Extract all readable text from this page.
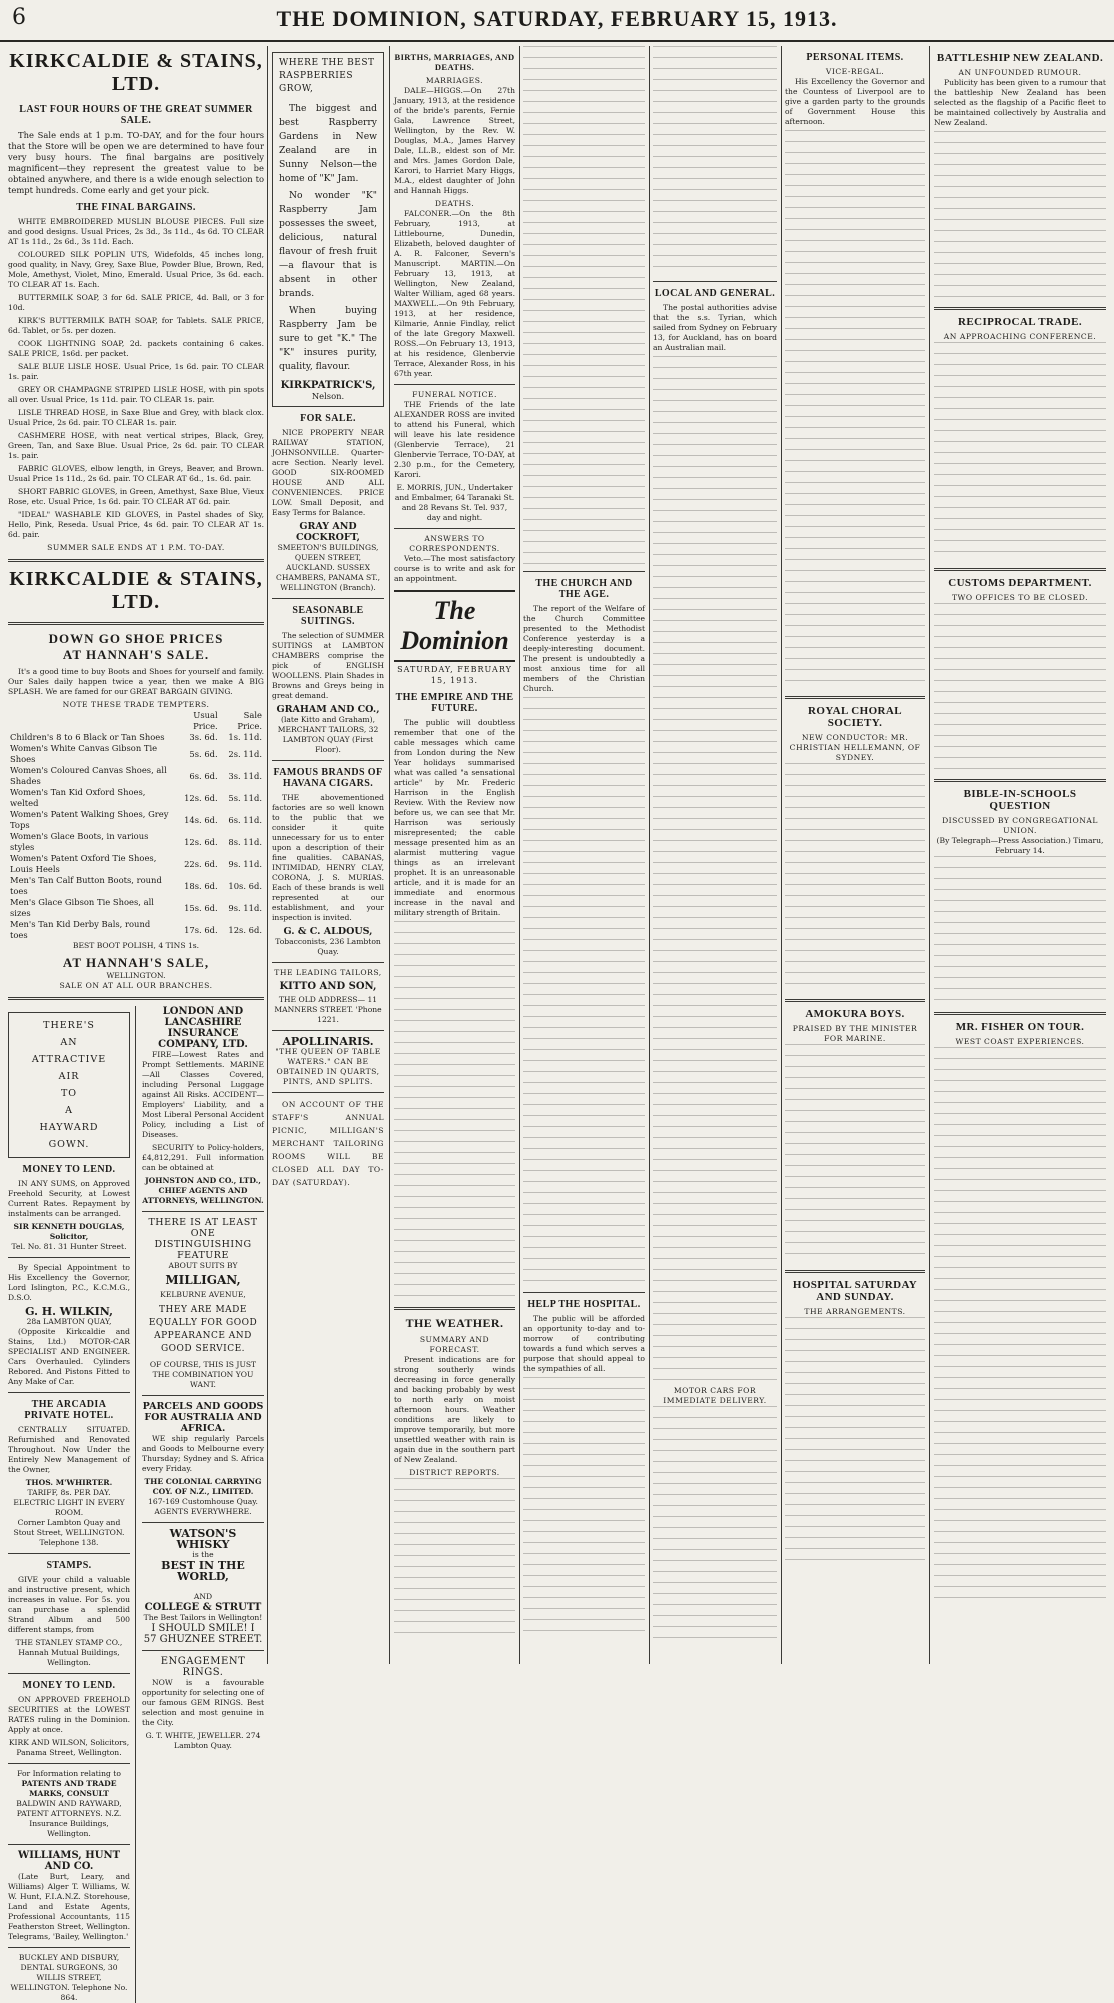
6	THE DOMINION, SATURDAY, FEBRUARY 15, 1913.
KIRKCALDIE & STAINS, LTD.
LAST FOUR HOURS OF THE GREAT SUMMER SALE.

The Sale ends at 1 p.m. TO-DAY, and for the four hours that the Store will be open we are determined to have four very busy hours. The final bargains are positively magnificent—they represent the greatest value to be obtained anywhere, and there is a wide enough selection to tempt hundreds. Come early and get your pick.

THE FINAL BARGAINS.

WHITE EMBROIDERED MUSLIN BLOUSE PIECES. Full size and good designs. Usual Prices, 2s 3d., 3s 11d., 4s 6d. TO CLEAR AT 1s 11d., 2s 6d., 3s 11d. Each.

COLOURED SILK POPLIN UTS, Widefolds, 45 inches long, good quality, in Navy, Grey, Saxe Blue, Powder Blue, Brown, Red, Mole, Amethyst, Violet, Mino, Emerald. Usual Price, 3s 6d. each. TO CLEAR AT 1s. Each.

BUTTERMILK SOAP, 3 for 6d. SALE PRICE, 4d. Ball, or 3 for 10d.

KIRK'S BUTTERMILK BATH SOAP, for Tablets. SALE PRICE, 6d. Tablet, or 5s. per dozen.

COOK LIGHTNING SOAP, 2d. packets containing 6 cakes. SALE PRICE, 1s6d. per packet.

SALE BLUE LISLE HOSE. Usual Price, 1s 6d. pair. TO CLEAR 1s. pair.

GREY OR CHAMPAGNE STRIPED LISLE HOSE, with pin spots all over. Usual Price, 1s 11d. pair. TO CLEAR 1s. pair.

LISLE THREAD HOSE, in Saxe Blue and Grey, with black clox. Usual Price, 2s 6d. pair. TO CLEAR 1s. pair.

CASHMERE HOSE, with neat vertical stripes, Black, Grey, Green, Tan, and Saxe Blue. Usual Price, 2s 6d. pair. TO CLEAR 1s. pair.

FABRIC GLOVES, elbow length, in Greys, Beaver, and Brown. Usual Price 1s 11d., 2s 6d. pair. TO CLEAR AT 6d., 1s. 6d. pair.

SHORT FABRIC GLOVES, in Green, Amethyst, Saxe Blue, Vieux Rose, etc. Usual Price, 1s 6d. pair. TO CLEAR AT 6d. pair.

"IDEAL" WASHABLE KID GLOVES, in Pastel shades of Sky, Hello, Pink, Reseda. Usual Price, 4s 6d. pair. TO CLEAR AT 1s. 6d. pair.

SUMMER SALE ENDS AT 1 P.M. TO-DAY.
KIRKCALDIE & STAINS, LTD.
DOWN GO SHOE PRICES
AT HANNAH'S SALE.

It's a good time to buy Boots and Shoes for yourself and family. Our Sales daily happen twice a year, then we make A BIG SPLASH. We are famed for our GREAT BARGAIN GIVING.

NOTE THESE TRADE TEMPTERS.
	Usual Price.	Sale Price.
Children's 8 to 6 Black or Tan Shoes	3s. 6d.	1s. 11d.
Women's White Canvas Gibson Tie Shoes	5s. 6d.	2s. 11d.
Women's Coloured Canvas Shoes, all Shades	6s. 6d.	3s. 11d.
Women's Tan Kid Oxford Shoes, welted	12s. 6d.	5s. 11d.
Women's Patent Walking Shoes, Grey Tops	14s. 6d.	6s. 11d.
Women's Glace Boots, in various styles	12s. 6d.	8s. 11d.
Women's Patent Oxford Tie Shoes, Louis Heels	22s. 6d.	9s. 11d.
Men's Tan Calf Button Boots, round toes	18s. 6d.	10s. 6d.
Men's Glace Gibson Tie Shoes, all sizes	15s. 6d.	9s. 11d.
Men's Tan Kid Derby Bals, round toes	17s. 6d.	12s. 6d.
BEST BOOT POLISH, 4 TINS 1s.
AT HANNAH'S SALE,
WELLINGTON.
SALE ON AT ALL OUR BRANCHES.
THERE'S
AN
ATTRACTIVE
AIR
TO
A
HAYWARD
GOWN.
MONEY TO LEND.

IN ANY SUMS, on Approved Freehold Security, at Lowest Current Rates. Repayment by instalments can be arranged.

SIR KENNETH DOUGLAS, Solicitor,
Tel. No. 81. 31 Hunter Street.

By Special Appointment to His Excellency the Governor, Lord Islington, P.C., K.C.M.G., D.S.O.

G. H. WILKIN,
28a LAMBTON QUAY,

(Opposite Kirkcaldie and Stains, Ltd.) MOTOR-CAR SPECIALIST AND ENGINEER. Cars Overhauled. Cylinders Rebored. And Pistons Fitted to Any Make of Car.

THE ARCADIA PRIVATE HOTEL.

CENTRALLY SITUATED. Refurnished and Renovated Throughout. Now Under the Entirely New Management of the Owner,

THOS. M'WHIRTER.
TARIFF, 8s. PER DAY. ELECTRIC LIGHT IN EVERY ROOM.
Corner Lambton Quay and Stout Street, WELLINGTON. Telephone 138.
STAMPS.

GIVE your child a valuable and instructive present, which increases in value. For 5s. you can purchase a splendid Strand Album and 500 different stamps, from

THE STANLEY STAMP CO., Hannah Mutual Buildings, Wellington.
MONEY TO LEND.

ON APPROVED FREEHOLD SECURITIES at the LOWEST RATES ruling in the Dominion. Apply at once.

KIRK AND WILSON, Solicitors, Panama Street, Wellington.
For Information relating to
PATENTS AND TRADE MARKS, CONSULT
BALDWIN AND RAYWARD, PATENT ATTORNEYS. N.Z. Insurance Buildings, Wellington.
WILLIAMS, HUNT AND CO.

(Late Burt, Leary, and Williams) Alger T. Williams, W. W. Hunt, F.I.A.N.Z. Storehouse, Land and Estate Agents, Professional Accountants, 115 Featherston Street, Wellington. Telegrams, 'Bailey, Wellington.'

BUCKLEY AND DISBURY, DENTAL SURGEONS, 30 WILLIS STREET, WELLINGTON. Telephone No. 864.
LONDON AND LANCASHIRE INSURANCE COMPANY, LTD.

FIRE—Lowest Rates and Prompt Settlements. MARINE—All Classes Covered, including Personal Luggage against All Risks. ACCIDENT—Employers' Liability, and a Most Liberal Personal Accident Policy, including a List of Diseases.

SECURITY to Policy-holders, £4,812,291. Full information can be obtained at

JOHNSTON AND CO., LTD., CHIEF AGENTS AND ATTORNEYS, WELLINGTON.
THERE IS AT LEAST ONE DISTINGUISHING FEATURE
ABOUT SUITS BY
MILLIGAN,
KELBURNE AVENUE,
THEY ARE MADE EQUALLY FOR GOOD APPEARANCE AND GOOD SERVICE.
OF COURSE, THIS IS JUST THE COMBINATION YOU WANT.
PARCELS AND GOODS FOR AUSTRALIA AND AFRICA.

WE ship regularly Parcels and Goods to Melbourne every Thursday; Sydney and S. Africa every Friday.

THE COLONIAL CARRYING COY. OF N.Z., LIMITED.
167-169 Customhouse Quay. AGENTS EVERYWHERE.
WATSON'S WHISKY
is the
BEST IN THE WORLD,
AND
COLLEGE & STRUTT
The Best Tailors in Wellington!
I SHOULD SMILE! I
57 GHUZNEE STREET.
ENGAGEMENT RINGS.

NOW is a favourable opportunity for selecting one of our famous GEM RINGS. Best selection and most genuine in the City.

G. T. WHITE, JEWELLER. 274 Lambton Quay.
WHERE THE BEST RASPBERRIES GROW,

The biggest and best Raspberry Gardens in New Zealand are in Sunny Nelson—the home of "K" Jam.

No wonder "K" Raspberry Jam possesses the sweet, delicious, natural flavour of fresh fruit—a flavour that is absent in other brands.

When buying Raspberry Jam be sure to get "K." The "K" insures purity, quality, flavour.

KIRKPATRICK'S,
Nelson.
FOR SALE.

NICE PROPERTY NEAR RAILWAY STATION, JOHNSONVILLE. Quarter-acre Section. Nearly level. GOOD SIX-ROOMED HOUSE AND ALL CONVENIENCES. PRICE LOW. Small Deposit, and Easy Terms for Balance.

GRAY AND COCKROFT,
SMEETON'S BUILDINGS, QUEEN STREET, AUCKLAND. SUSSEX CHAMBERS, PANAMA ST., WELLINGTON (Branch).
SEASONABLE SUITINGS.

The selection of SUMMER SUITINGS at LAMBTON CHAMBERS comprise the pick of ENGLISH WOOLLENS. Plain Shades in Browns and Greys being in great demand.

GRAHAM AND CO.,
(late Kitto and Graham), MERCHANT TAILORS, 32 LAMBTON QUAY (First Floor).
FAMOUS BRANDS OF HAVANA CIGARS.

THE abovementioned factories are so well known to the public that we consider it quite unnecessary for us to enter upon a description of their fine qualities. CABANAS, INTIMIDAD, HENRY CLAY, CORONA, J. S. MURIAS. Each of these brands is well represented at our establishment, and your inspection is invited.

G. & C. ALDOUS,
Tobacconists, 236 Lambton Quay.
THE LEADING TAILORS,
KITTO AND SON,
THE OLD ADDRESS— 11 MANNERS STREET. 'Phone 1221.
APOLLINARIS.
"THE QUEEN OF TABLE WATERS." CAN BE OBTAINED IN QUARTS, PINTS, AND SPLITS.

ON ACCOUNT OF THE STAFF'S ANNUAL PICNIC, MILLIGAN'S MERCHANT TAILORING ROOMS WILL BE CLOSED ALL DAY TO-DAY (SATURDAY).

BIRTHS, MARRIAGES, AND DEATHS.
MARRIAGES.

DALE—HIGGS.—On 27th January, 1913, at the residence of the bride's parents, Fernie Gala, Lawrence Street, Wellington, by the Rev. W. Douglas, M.A., James Harvey Dale, LL.B., eldest son of Mr. and Mrs. James Gordon Dale, Karori, to Harriet Mary Higgs, M.A., eldest daughter of John and Hannah Higgs.

DEATHS.

FALCONER.—On the 8th February, 1913, at Littlebourne, Dunedin, Elizabeth, beloved daughter of A. R. Falconer, Severn's Manuscript. MARTIN.—On February 13, 1913, at Wellington, New Zealand, Walter William, aged 68 years. MAXWELL.—On 9th February, 1913, at her residence, Kilmarie, Annie Findlay, relict of the late Gregory Maxwell. ROSS.—On February 13, 1913, at his residence, Glenbervie Terrace, Alexander Ross, in his 67th year.

FUNERAL NOTICE.

THE Friends of the late ALEXANDER ROSS are invited to attend his Funeral, which will leave his late residence (Glenbervie Terrace), 21 Glenbervie Terrace, TO-DAY, at 2.30 p.m., for the Cemetery, Karori.

E. MORRIS, JUN., Undertaker and Embalmer, 64 Taranaki St. and 28 Revans St. Tel. 937, day and night.
ANSWERS TO CORRESPONDENTS.

Veto.—The most satisfactory course is to write and ask for an appointment.

The Dominion
SATURDAY, FEBRUARY 15, 1913.
THE EMPIRE AND THE FUTURE.

The public will doubtless remember that one of the cable messages which came from London during the New Year holidays summarised what was called "a sensational article" by Mr. Frederic Harrison in the English Review. With the Review now before us, we can see that Mr. Harrison was seriously misrepresented; the cable message presented him as an alarmist muttering vague things as an irrelevant prophet. It is an unreasonable article, and it is made for an immediate and enormous increase in the naval and military strength of Britain.

THE WEATHER.
SUMMARY AND FORECAST.

Present indications are for strong southerly winds decreasing in force generally and backing probably by west to north early on moist afternoon hours. Weather conditions are likely to improve temporarily, but more unsettled weather with rain is again due in the southern part of New Zealand.

DISTRICT REPORTS.
THE CHURCH AND THE AGE.

The report of the Welfare of the Church Committee presented to the Methodist Conference yesterday is a deeply-interesting document. The present is undoubtedly a most anxious time for all members of the Christian Church.

HELP THE HOSPITAL.

The public will be afforded an opportunity to-day and to-morrow of contributing towards a fund which serves a purpose that should appeal to the sympathies of all.

LOCAL AND GENERAL.

The postal authorities advise that the s.s. Tyrian, which sailed from Sydney on February 13, for Auckland, has on board an Australian mail.

MOTOR CARS FOR IMMEDIATE DELIVERY.
PERSONAL ITEMS.
VICE-REGAL.

His Excellency the Governor and the Countess of Liverpool are to give a garden party to the grounds of Government House this afternoon.

ROYAL CHORAL SOCIETY.
NEW CONDUCTOR: MR. CHRISTIAN HELLEMANN, OF SYDNEY.
AMOKURA BOYS.
PRAISED BY THE MINISTER FOR MARINE.
HOSPITAL SATURDAY AND SUNDAY.
THE ARRANGEMENTS.
BATTLESHIP NEW ZEALAND.
AN UNFOUNDED RUMOUR.

Publicity has been given to a rumour that the battleship New Zealand has been selected as the flagship of a Pacific fleet to be maintained collectively by Australia and New Zealand.

RECIPROCAL TRADE.
AN APPROACHING CONFERENCE.
CUSTOMS DEPARTMENT.
TWO OFFICES TO BE CLOSED.
BIBLE-IN-SCHOOLS QUESTION
DISCUSSED BY CONGREGATIONAL UNION.
(By Telegraph—Press Association.) Timaru, February 14.
MR. FISHER ON TOUR.
WEST COAST EXPERIENCES.
